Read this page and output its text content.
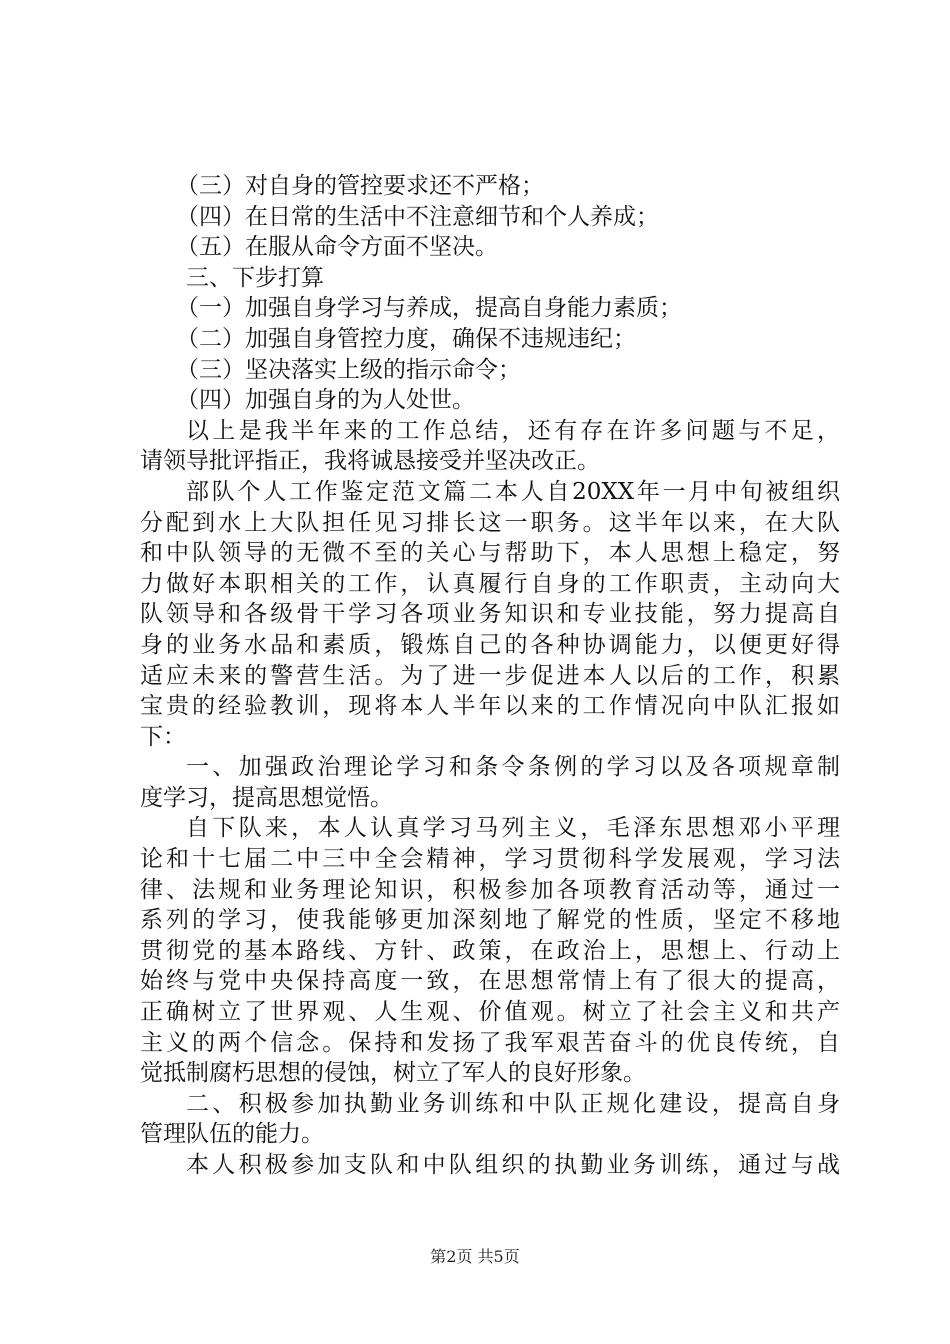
（三）对自身的管控要求还不严格；
（四）在日常的生活中不注意细节和个人养成；
（五）在服从命令方面不坚决。
三、下步打算
（一）加强自身学习与养成，提高自身能力素质；
（二）加强自身管控力度，确保不违规违纪；
（三）坚决落实上级的指示命令；
（四）加强自身的为人处世。
以上是我半年来的工作总结，还有存在许多问题与不足，
请领导批评指正，我将诚恳接受并坚决改正。
部队个人工作鉴定范文篇二本人自20XX年一月中旬被组织
分配到水上大队担任见习排长这一职务。这半年以来，在大队
和中队领导的无微不至的关心与帮助下，本人思想上稳定，努
力做好本职相关的工作，认真履行自身的工作职责，主动向大
队领导和各级骨干学习各项业务知识和专业技能，努力提高自
身的业务水品和素质，锻炼自己的各种协调能力，以便更好得
适应未来的警营生活。为了进一步促进本人以后的工作，积累
宝贵的经验教训，现将本人半年以来的工作情况向中队汇报如
下：
一、加强政治理论学习和条令条例的学习以及各项规章制
度学习，提高思想觉悟。
自下队来，本人认真学习马列主义，毛泽东思想邓小平理
论和十七届二中三中全会精神，学习贯彻科学发展观，学习法
律、法规和业务理论知识，积极参加各项教育活动等，通过一
系列的学习，使我能够更加深刻地了解党的性质，坚定不移地
贯彻党的基本路线、方针、政策，在政治上，思想上、行动上
始终与党中央保持高度一致，在思想常情上有了很大的提高，
正确树立了世界观、人生观、价值观。树立了社会主义和共产
主义的两个信念。保持和发扬了我军艰苦奋斗的优良传统，自
觉抵制腐朽思想的侵蚀，树立了军人的良好形象。
二、积极参加执勤业务训练和中队正规化建设，提高自身
管理队伍的能力。
本人积极参加支队和中队组织的执勤业务训练，通过与战
第2页 共5页
